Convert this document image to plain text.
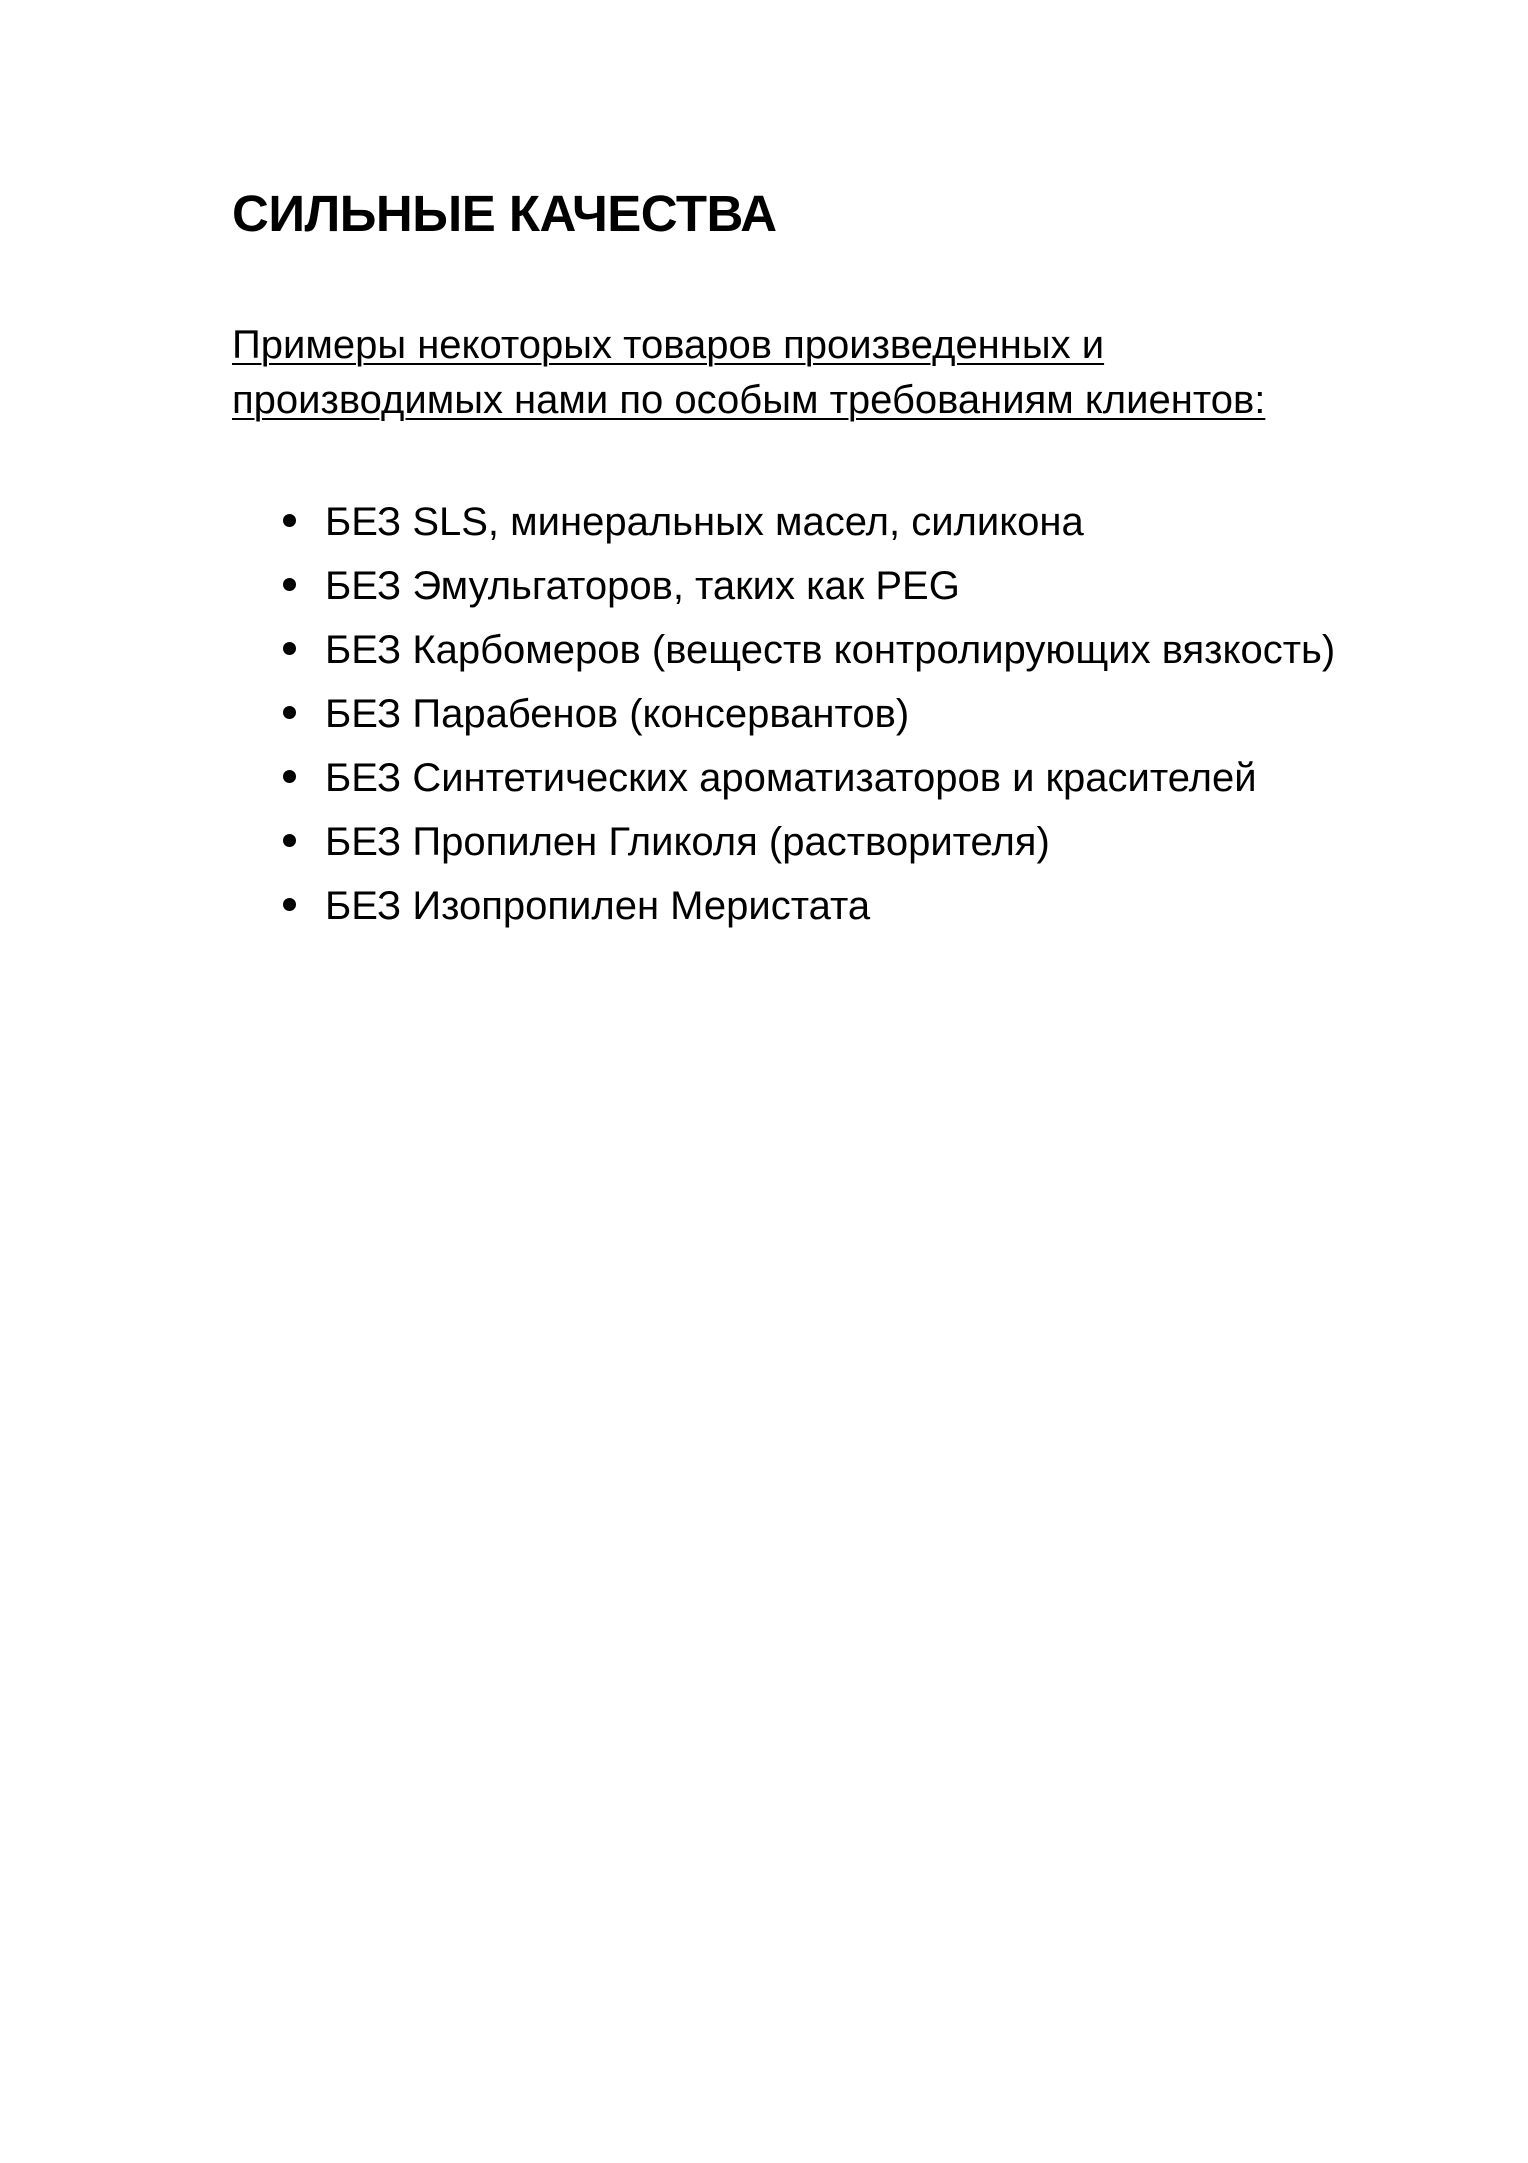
СИЛЬНЫЕ КАЧЕСТВА

Примеры некоторых товаров произведенных и
производимых нами по особым требованиям клиентов:

БЕЗ SLS, минеральных масел, силикона
БЕЗ Эмульгаторов, таких как PEG
БЕЗ Карбомеров (веществ контролирующих вязкость)
БЕЗ Парабенов (консервантов)
БЕЗ Синтетических ароматизаторов и красителей
БЕЗ Пропилен Гликоля (растворителя)
БЕЗ Изопропилен Меристата
